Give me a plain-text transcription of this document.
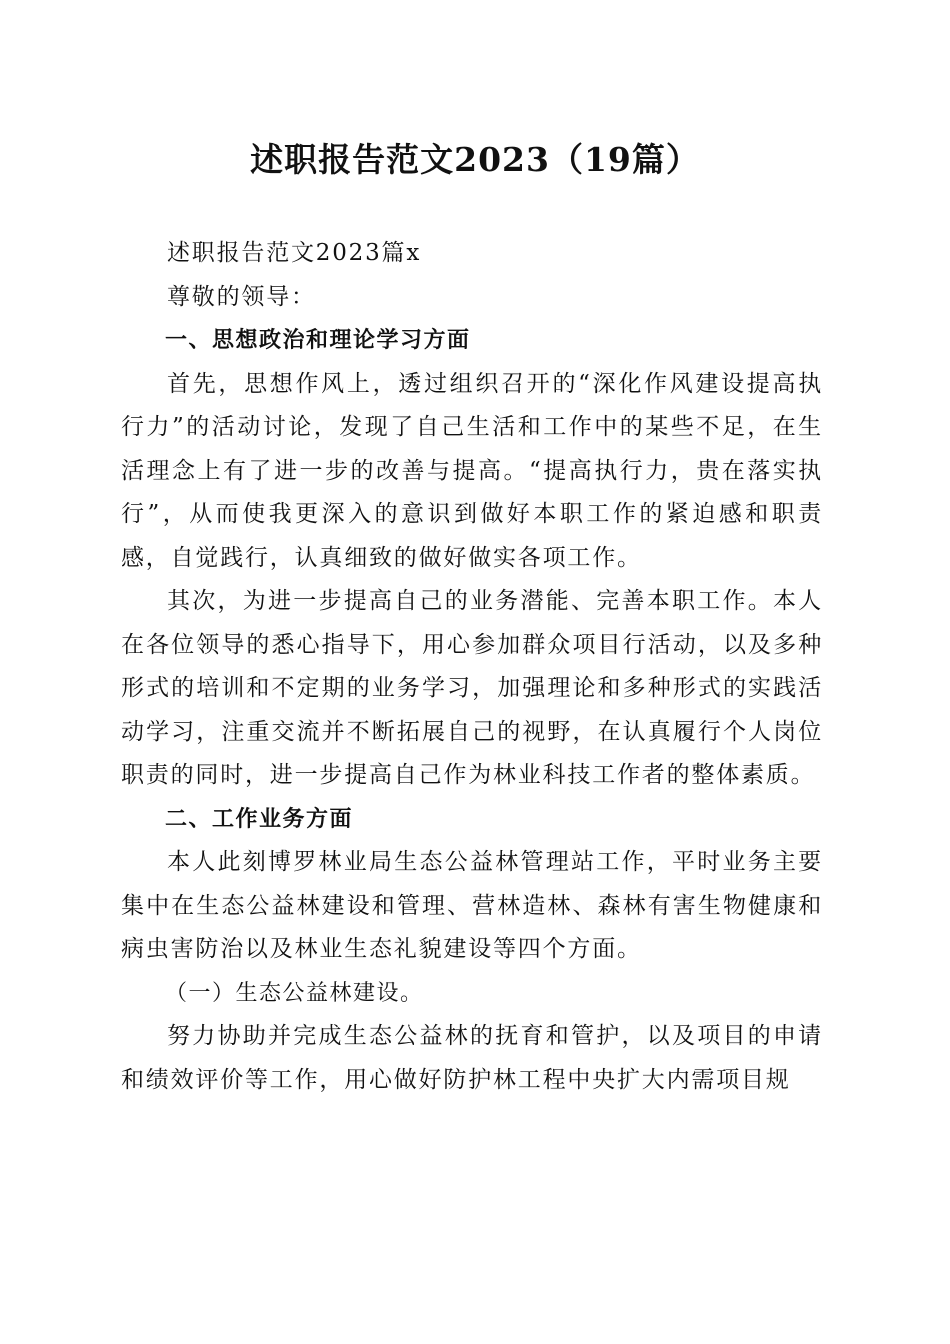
述职报告范文2023（19篇）

述职报告范文2023篇x

尊敬的领导：

一、思想政治和理论学习方面

首先，思想作风上，透过组织召开的“深化作风建设提高执行力”的活动讨论，发现了自己生活和工作中的某些不足，在生活理念上有了进一步的改善与提高。“提高执行力，贵在落实执行”，从而使我更深入的意识到做好本职工作的紧迫感和职责感，自觉践行，认真细致的做好做实各项工作。

其次，为进一步提高自己的业务潜能、完善本职工作。本人在各位领导的悉心指导下，用心参加群众项目行活动，以及多种形式的培训和不定期的业务学习，加强理论和多种形式的实践活动学习，注重交流并不断拓展自己的视野，在认真履行个人岗位职责的同时，进一步提高自己作为林业科技工作者的整体素质。

二、工作业务方面

本人此刻博罗林业局生态公益林管理站工作，平时业务主要集中在生态公益林建设和管理、营林造林、森林有害生物健康和病虫害防治以及林业生态礼貌建设等四个方面。

（一）生态公益林建设。

努力协助并完成生态公益林的抚育和管护，以及项目的申请和绩效评价等工作，用心做好防护林工程中央扩大内需项目规
